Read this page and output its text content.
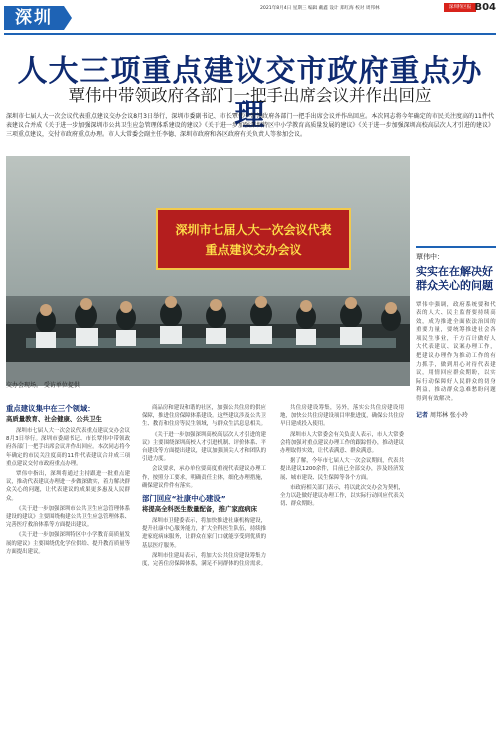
深圳	2021年8月4日 星期三 编辑 戴鑫 设计 郑红海 校对 周邦林	深圳特区报 B04
人大三项重点建议交市政府重点办理
覃伟中带领政府各部门一把手出席会议并作出回应

深圳市七届人大一次会议代表重点建议交办会议8月3日举行，深圳市委副书记、市长覃伟中带领政府各部门一把手出席会议并作出回应。本次同志将今年确定的市民关注度高的11件代表建议合并成《关于进一步加强深圳市公共卫生应急管理体系建设的建议》《关于进一步加强深圳特区中小学教育高质量发展的建议》《关于进一步加强深圳高校高层次人才引进的建议》三项重点建议，交付市政府重点办理。市人大常委会副主任李德、深圳市政府和各区政府有关负责人等参加会议。

深圳市七届人大一次会议代表
重点建议交办会议
交办会现场。 受访单位提供
覃伟中：
实实在在解决好群众关心的问题

覃伟中强调，政府系统要和代表的人大、民主监督要持续高效，成为推进全面依法治国的重要力量，要统筹推进社会各项民生事业，千方百计做好人大代表建议、议案办理工作，把建议办理作为推动工作的有力抓手，做到用心对待代表建议，用情回应群众期盼，以实际行动保障好人民群众的切身利益，推动群众急难愁盼问题得到有效解决。

记者 周邦林 张小玲
重点建议集中在三个领域：
高质量教育、社会健康、公共卫生

深圳市七届人大一次会议代表重点建议交办会议8月3日举行。深圳市委副书记、市长覃伟中带领政府各部门一把手出席会议并作出回应。本次同志将今年确定的市民关注度高的11件代表建议合并成三项重点建议交付市政府重点办理。

覃伟中指出，深圳将通过主持跟进一批重点建议，推动代表建议办理进一步做深做实，着力解决群众关心的问题，让代表建议的成果更多惠及人民群众。

《关于进一步加强深圳市公共卫生应急管理体系建设的建议》主要围绕构建公共卫生应急管理体系、完善医疗救治体系等方面提出建议。

《关于进一步加强深圳特区中小学教育高质量发展的建议》主要围绕优化学位供给、提升教育质量等方面提出建议。

商品房和建设和谐的社区，加强公共住房的供应保障，推进住房保障体系建设。这些建议涉及公共卫生、教育和住房等民生领域，与群众生活息息相关。

《关于进一步加强深圳高校高层次人才引进的建议》主要围绕深圳高校人才引进机制、评价体系、平台建设等方面提出建议，建议加强顶尖人才和团队的引进力度。

会议要求，承办单位要高度重视代表建议办理工作，按照分工要求，明确责任主体，细化办理措施，确保建议件件有落实。

部门回应“社康中心建设”
将提高全科医生数量配备，推广家庭病床

深圳市卫健委表示，将加快推进社康机构建设，提升社康中心服务能力，扩大全科医生队伍，持续推进家庭病床服务，让群众在家门口就能享受到优质的基层医疗服务。

深圳市住建局表示，将加大公共住房建设筹集力度，完善住房保障体系，满足不同群体的住房需求。

共住房建设筹集，另外，落实公共住房建设用地，加快公共住房建设项目审批进度，确保公共住房早日建成投入使用。

深圳市人大常委会有关负责人表示，市人大常委会将加强对重点建议办理工作的跟踪督办，推动建议办理取得实效，让代表满意、群众满意。

据了解，今年市七届人大一次会议期间，代表共提出建议1200余件，目前已全部交办，涉及经济发展、城市建设、民生保障等各个方面。

市政府相关部门表示，将以此次交办会为契机，全力以赴做好建议办理工作，以实际行动回应代表关切、群众期盼。
